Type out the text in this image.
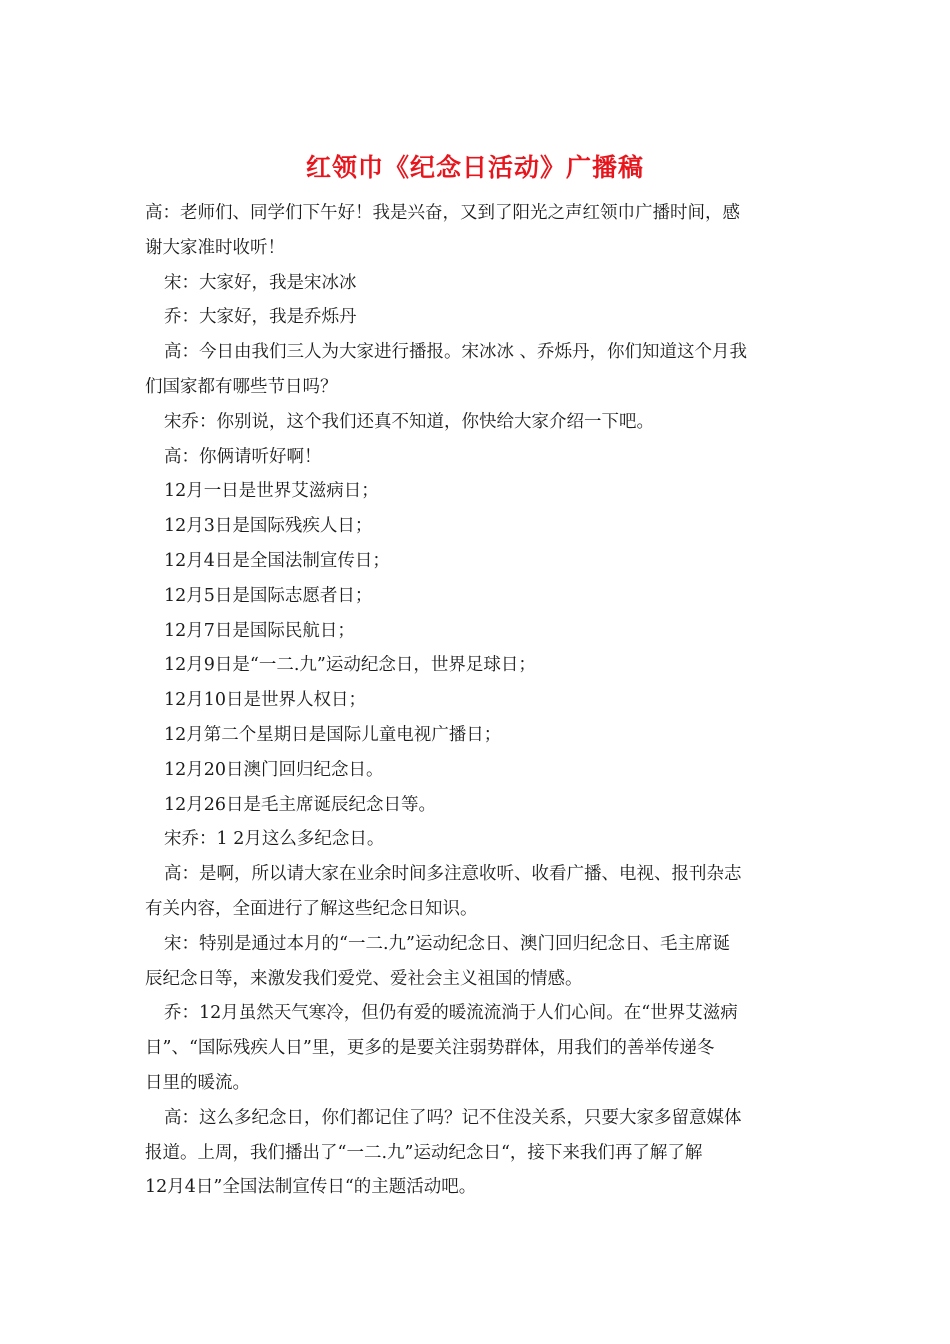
红领巾《纪念日活动》广播稿

高：老师们、同学们下午好！我是兴奋，又到了阳光之声红领巾广播时间，感
谢大家准时收听！

宋：大家好，我是宋冰冰

乔：大家好，我是乔烁丹

高：今日由我们三人为大家进行播报。宋冰冰 、乔烁丹，你们知道这个月我
们国家都有哪些节日吗？

宋乔：你别说，这个我们还真不知道，你快给大家介绍一下吧。

高：你俩请听好啊！

12月一日是世界艾滋病日；

12月3日是国际残疾人日；

12月4日是全国法制宣传日；

12月5日是国际志愿者日；

12月7日是国际民航日；

12月9日是“一二.九”运动纪念日，世界足球日；

12月10日是世界人权日；

12月第二个星期日是国际儿童电视广播日；

12月20日澳门回归纪念日。

12月26日是毛主席诞辰纪念日等。

宋乔：1 2月这么多纪念日。

高：是啊，所以请大家在业余时间多注意收听、收看广播、电视、报刊杂志
有关内容，全面进行了解这些纪念日知识。

宋：特别是通过本月的“一二.九”运动纪念日、澳门回归纪念日、毛主席诞
辰纪念日等，来激发我们爱党、爱社会主义祖国的情感。

乔：12月虽然天气寒冷，但仍有爱的暖流流淌于人们心间。在“世界艾滋病
日”、“国际残疾人日”里，更多的是要关注弱势群体，用我们的善举传递冬
日里的暖流。

高：这么多纪念日，你们都记住了吗？记不住没关系，只要大家多留意媒体
报道。上周，我们播出了“一二.九”运动纪念日“，接下来我们再了解了解
12月4日”全国法制宣传日“的主题活动吧。
